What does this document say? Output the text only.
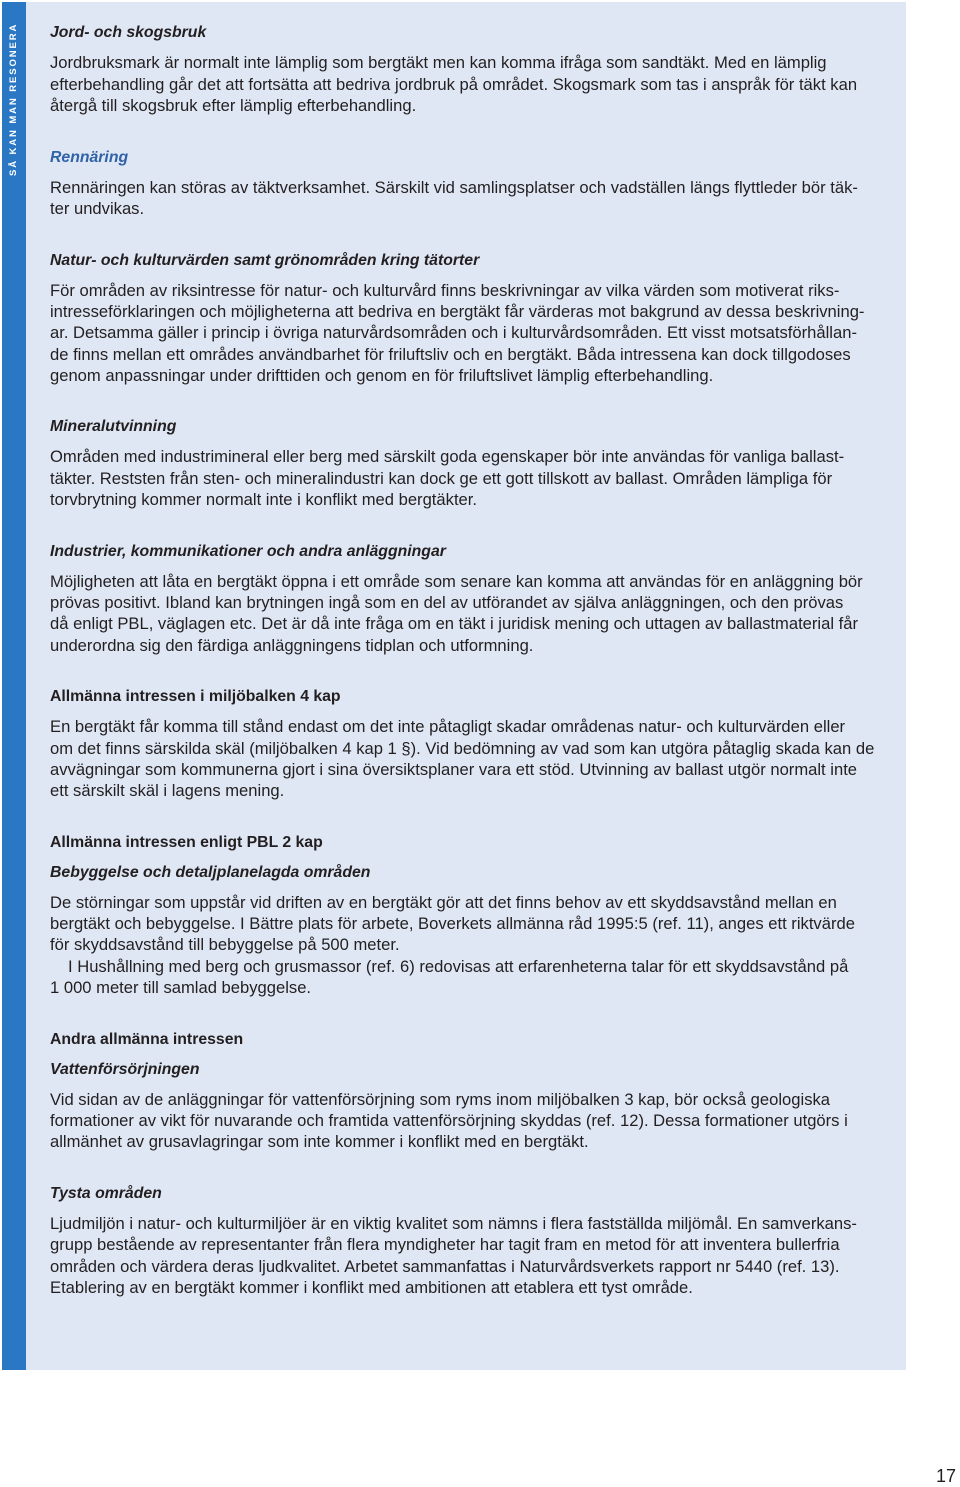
SÅ KAN MAN RESONERA	Jord- och skogsbruk

Jordbruksmark är normalt inte lämplig som bergtäkt men kan komma ifråga som sandtäkt. Med en lämplig
efterbehandling går det att fortsätta att bedriva jordbruk på området. Skogsmark som tas i anspråk för täkt kan
återgå till skogsbruk efter lämplig efterbehandling.

Rennäring

Rennäringen kan störas av täktverksamhet. Särskilt vid samlingsplatser och vadställen längs flyttleder bör täk-
ter undvikas.

Natur- och kulturvärden samt grönområden kring tätorter

För områden av riksintresse för natur- och kulturvård finns beskrivningar av vilka värden som motiverat riks-
intresseförklaringen och möjligheterna att bedriva en bergtäkt får värderas mot bakgrund av dessa beskrivning-
ar. Detsamma gäller i princip i övriga naturvårdsområden och i kulturvårdsområden. Ett visst motsatsförhållan-
de finns mellan ett områdes användbarhet för friluftsliv och en bergtäkt. Båda intressena kan dock tillgodoses
genom anpassningar under drifttiden och genom en för friluftslivet lämplig efterbehandling.

Mineralutvinning

Områden med industrimineral eller berg med särskilt goda egenskaper bör inte användas för vanliga ballast-
täkter. Reststen från sten- och mineralindustri kan dock ge ett gott tillskott av ballast. Områden lämpliga för
torvbrytning kommer normalt inte i konflikt med bergtäkter.

Industrier, kommunikationer och andra anläggningar

Möjligheten att låta en bergtäkt öppna i ett område som senare kan komma att användas för en anläggning bör
prövas positivt. Ibland kan brytningen ingå som en del av utförandet av själva anläggningen, och den prövas
då enligt PBL, väglagen etc. Det är då inte fråga om en täkt i juridisk mening och uttagen av ballastmaterial får
underordna sig den färdiga anläggningens tidplan och utformning.

Allmänna intressen i miljöbalken 4 kap

En bergtäkt får komma till stånd endast om det inte påtagligt skadar områdenas natur- och kulturvärden eller
om det finns särskilda skäl (miljöbalken 4 kap 1 §). Vid bedömning av vad som kan utgöra påtaglig skada kan de
avvägningar som kommunerna gjort i sina översiktsplaner vara ett stöd. Utvinning av ballast utgör normalt inte
ett särskilt skäl i lagens mening.

Allmänna intressen enligt PBL 2 kap
Bebyggelse och detaljplanelagda områden

De störningar som uppstår vid driften av en bergtäkt gör att det finns behov av ett skyddsavstånd mellan en
bergtäkt och bebyggelse. I Bättre plats för arbete, Boverkets allmänna råd 1995:5 (ref. 11), anges ett riktvärde
för skyddsavstånd till bebyggelse på 500 meter.

I Hushållning med berg och grusmassor (ref. 6) redovisas att erfarenheterna talar för ett skyddsavstånd på
1 000 meter till samlad bebyggelse.

Andra allmänna intressen
Vattenförsörjningen

Vid sidan av de anläggningar för vattenförsörjning som ryms inom miljöbalken 3 kap, bör också geologiska
formationer av vikt för nuvarande och framtida vattenförsörjning skyddas (ref. 12). Dessa formationer utgörs i
allmänhet av grusavlagringar som inte kommer i konflikt med en bergtäkt.

Tysta områden

Ljudmiljön i natur- och kulturmiljöer är en viktig kvalitet som nämns i flera fastställda miljömål. En samverkans-
grupp bestående av representanter från flera myndigheter har tagit fram en metod för att inventera bullerfria
områden och värdera deras ljudkvalitet. Arbetet sammanfattas i Naturvårdsverkets rapport nr 5440 (ref. 13).
Etablering av en bergtäkt kommer i konflikt med ambitionen att etablera ett tyst område.

17
